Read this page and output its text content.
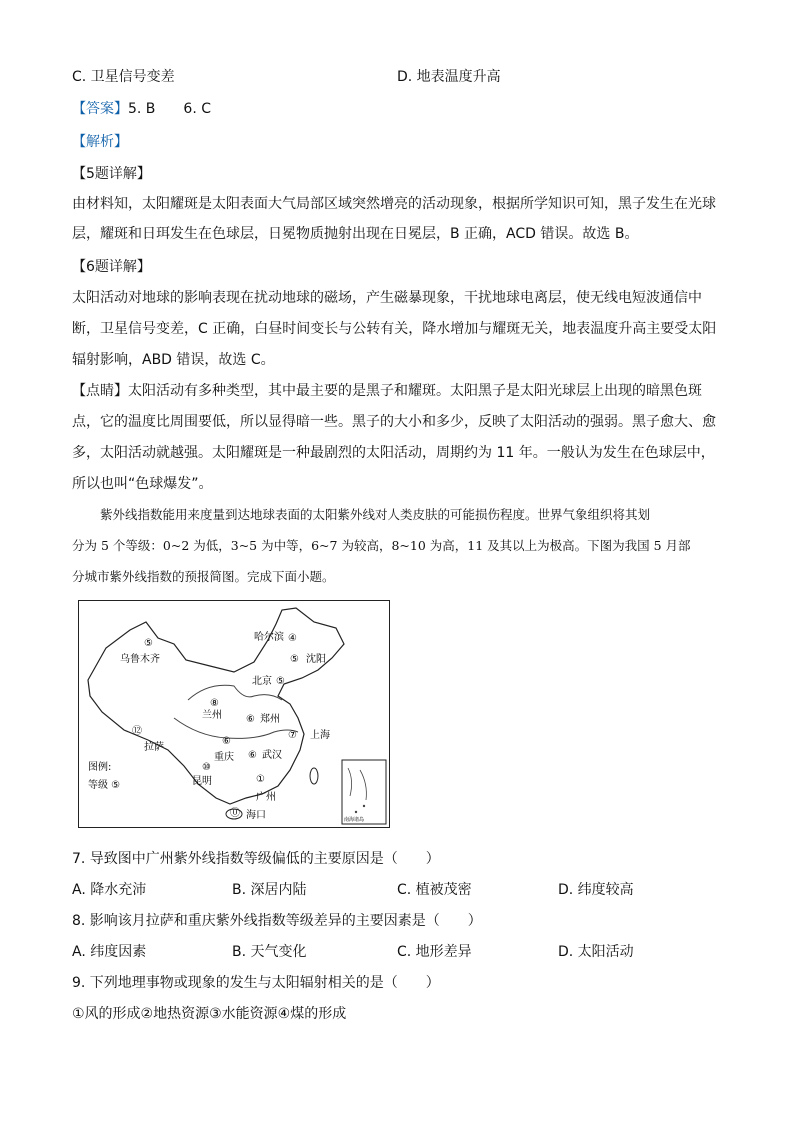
C. 卫星信号变差	D. 地表温度升高
【答案】5. B　　6. C
【解析】
【5题详解】
由材料知，太阳耀斑是太阳表面大气局部区域突然增亮的活动现象，根据所学知识可知，黑子发生在光球
层，耀斑和日珥发生在色球层，日冕物质抛射出现在日冕层，B 正确，ACD 错误。故选 B。
【6题详解】
太阳活动对地球的影响表现在扰动地球的磁场，产生磁暴现象，干扰地球电离层，使无线电短波通信中
断，卫星信号变差，C 正确，白昼时间变长与公转有关，降水增加与耀斑无关，地表温度升高主要受太阳
辐射影响，ABD 错误，故选 C。
【点睛】太阳活动有多种类型，其中最主要的是黑子和耀斑。太阳黑子是太阳光球层上出现的暗黑色斑
点，它的温度比周围要低，所以显得暗一些。黑子的大小和多少，反映了太阳活动的强弱。黑子愈大、愈
多，太阳活动就越强。太阳耀斑是一种最剧烈的太阳活动，周期约为 11 年。一般认为发生在色球层中，
所以也叫“色球爆发”。
紫外线指数能用来度量到达地球表面的太阳紫外线对人类皮肤的可能损伤程度。世界气象组织将其划
分为 5 个等级：0~2 为低，3~5 为中等，6~7 为较高，8~10 为高，11 及其以上为极高。下图为我国 5 月部
分城市紫外线指数的预报简图。完成下面小题。
哈尔滨 ④
⑤ 沈阳
⑤
乌鲁木齐
北京 ⑤
⑧
兰州 ⑥ 郑州
⑦ 上海
⑫
拉萨
⑥
重庆 ⑥ 武汉
⑩
昆明	①
广州
⓪ 海口
图例:
等级 ⑤
南海诸岛
7. 导致图中广州紫外线指数等级偏低的主要原因是（　　）
A. 降水充沛	B. 深居内陆	C. 植被茂密	D. 纬度较高
8. 影响该月拉萨和重庆紫外线指数等级差异的主要因素是（　　）
A. 纬度因素	B. 天气变化	C. 地形差异	D. 太阳活动
9. 下列地理事物或现象的发生与太阳辐射相关的是（　　）
①风的形成②地热资源③水能资源④煤的形成
